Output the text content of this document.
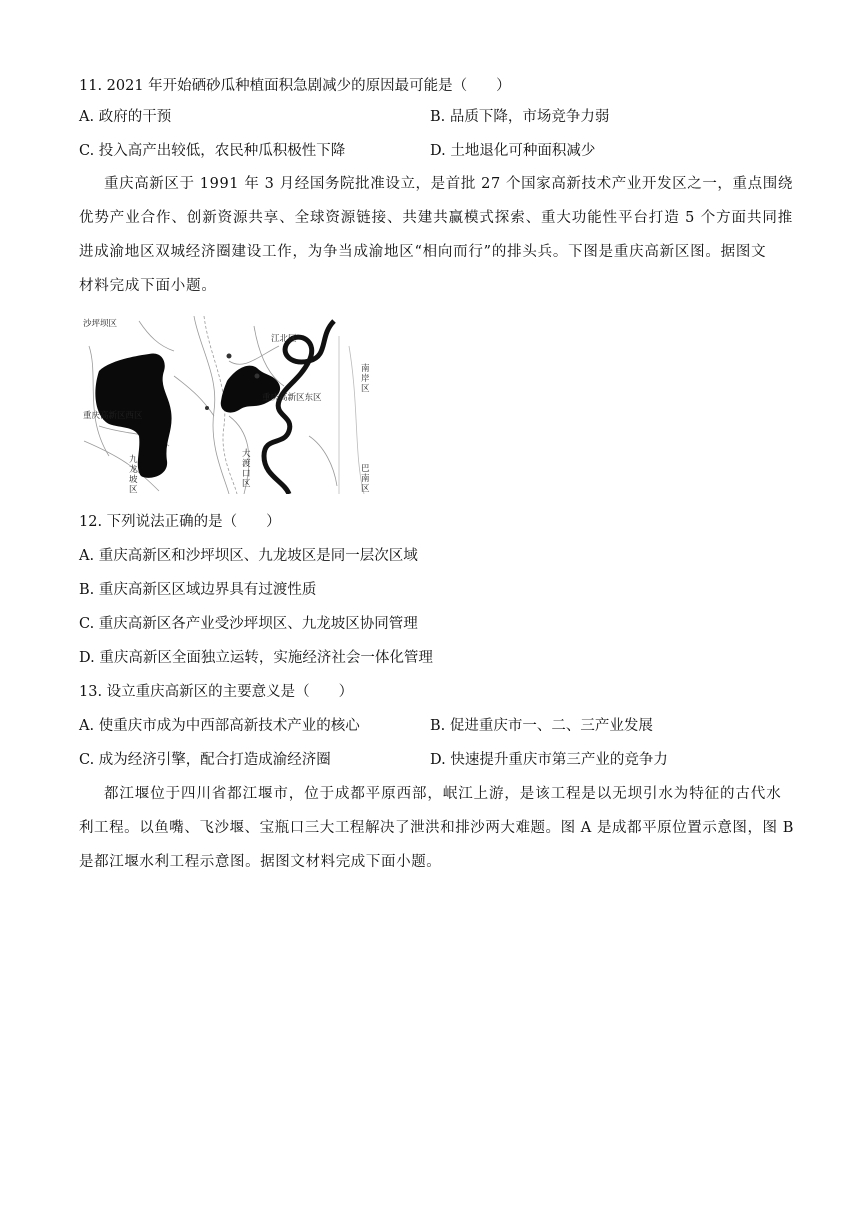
11. 2021 年开始硒砂瓜种植面积急剧减少的原因最可能是（　　）
A. 政府的干预	B. 品质下降，市场竞争力弱
C. 投入高产出较低，农民种瓜积极性下降	D. 土地退化可种面积减少
重庆高新区于 1991 年 3 月经国务院批准设立，是首批 27 个国家高新技术产业开发区之一，重点围绕
优势产业合作、创新资源共享、全球资源链接、共建共赢模式探索、重大功能性平台打造 5 个方面共同推
进成渝地区双城经济圈建设工作，为争当成渝地区“相向而行”的排头兵。下图是重庆高新区图。据图文
材料完成下面小题。
沙坪坝区
江北区
重庆高新区西区
重庆高新区东区
南
岸
区
九
龙
坡
区
大
渡
口
区
巴
南
区
12. 下列说法正确的是（　　）
A. 重庆高新区和沙坪坝区、九龙坡区是同一层次区域
B. 重庆高新区区域边界具有过渡性质
C. 重庆高新区各产业受沙坪坝区、九龙坡区协同管理
D. 重庆高新区全面独立运转，实施经济社会一体化管理
13. 设立重庆高新区的主要意义是（　　）
A. 使重庆市成为中西部高新技术产业的核心	B. 促进重庆市一、二、三产业发展
C. 成为经济引擎，配合打造成渝经济圈	D. 快速提升重庆市第三产业的竞争力
都江堰位于四川省都江堰市，位于成都平原西部，岷江上游，是该工程是以无坝引水为特征的古代水
利工程。以鱼嘴、飞沙堰、宝瓶口三大工程解决了泄洪和排沙两大难题。图 A 是成都平原位置示意图，图 B
是都江堰水利工程示意图。据图文材料完成下面小题。
